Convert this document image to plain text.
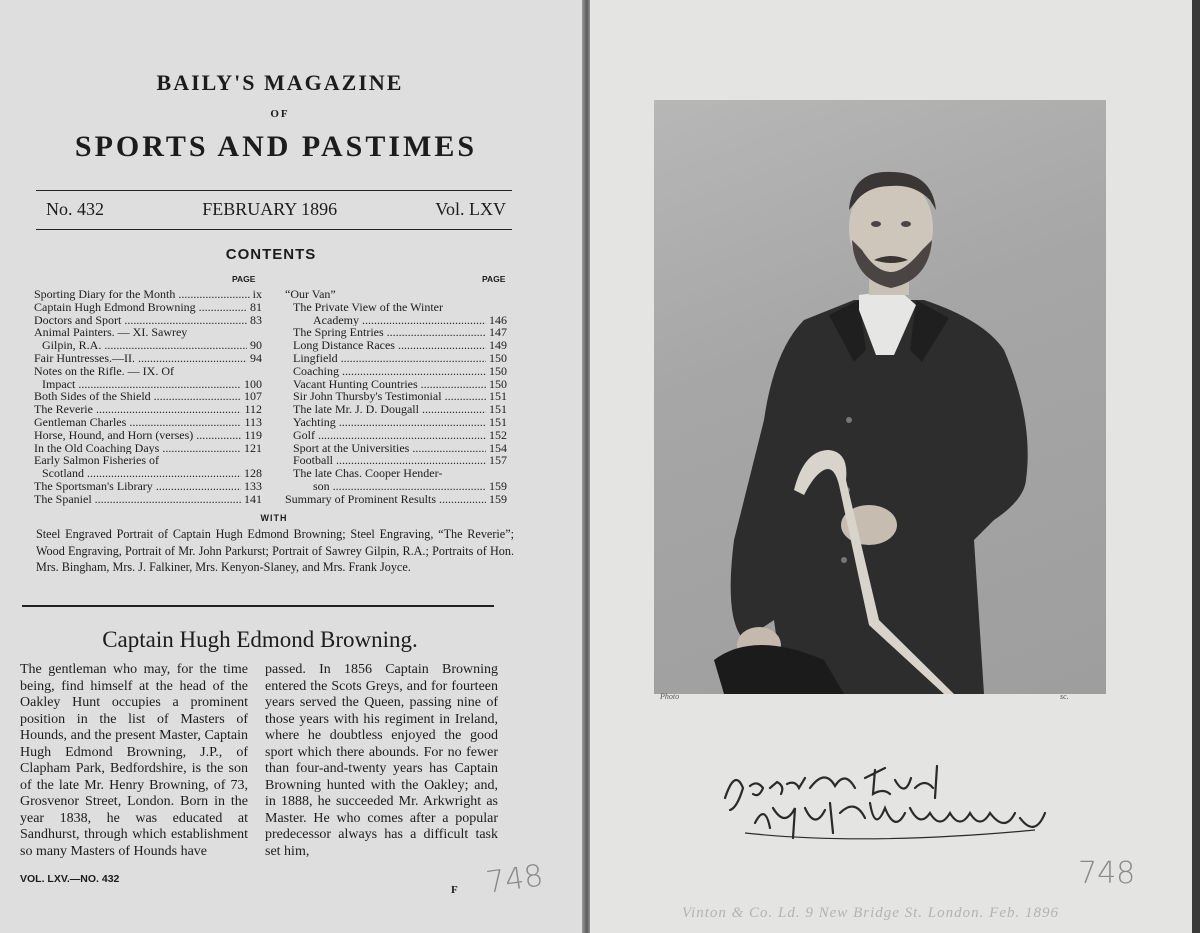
BAILY'S MAGAZINE
OF
SPORTS AND PASTIMES
No. 432	FEBRUARY 1896	Vol. LXV
CONTENTS
PAGE	PAGE
Sporting Diary for the Month .....	ix
Captain Hugh Edmond Browning .....	81
Doctors and Sport .....	83
Animal Painters. — XI. Sawrey
Gilpin, R.A. .....	90
Fair Huntresses.—II. .....	94
Notes on the Rifle. — IX. Of
Impact .....	100
Both Sides of the Shield .....	107
The Reverie .....	112
Gentleman Charles .....	113
Horse, Hound, and Horn (verses) .....	119
In the Old Coaching Days .....	121
Early Salmon Fisheries of
Scotland .....	128
The Sportsman's Library .....	133
The Spaniel .....	141
“Our Van”
The Private View of the Winter
Academy .....	146
The Spring Entries .....	147
Long Distance Races .....	149
Lingfield .....	150
Coaching .....	150
Vacant Hunting Countries .....	150
Sir John Thursby's Testimonial .....	151
The late Mr. J. D. Dougall .....	151
Yachting .....	151
Golf .....	152
Sport at the Universities .....	154
Football .....	157
The late Chas. Cooper Hender-
son .....	159
Summary of Prominent Results .....	159
WITH
Steel Engraved Portrait of Captain Hugh Edmond Browning; Steel Engraving, “The Reverie”; Wood Engraving, Portrait of Mr. John Parkurst; Portrait of Sawrey Gilpin, R.A.; Portraits of Hon. Mrs. Bingham, Mrs. J. Falkiner, Mrs. Kenyon-Slaney, and Mrs. Frank Joyce.
Captain Hugh Edmond Browning.
The gentleman who may, for the time being, find himself at the head of the Oakley Hunt occupies a prominent position in the list of Masters of Hounds, and the present Master, Captain Hugh Edmond Browning, J.P., of Clapham Park, Bedfordshire, is the son of the late Mr. Henry Browning, of 73, Grosvenor Street, London. Born in the year 1838, he was educated at Sandhurst, through which establishment so many Masters of Hounds have
passed. In 1856 Captain Browning entered the Scots Greys, and for fourteen years served the Queen, passing nine of those years with his regiment in Ireland, where he doubtless enjoyed the good sport which there abounds. For no fewer than four-and-twenty years has Captain Browning hunted with the Oakley; and, in 1888, he succeeded Mr. Arkwright as Master. He who comes after a popular predecessor always has a difficult task set him,
VOL. LXV.—NO. 432
F 748
Photo	sc.
748
Vinton & Co. Ld. 9 New Bridge St. London. Feb. 1896
